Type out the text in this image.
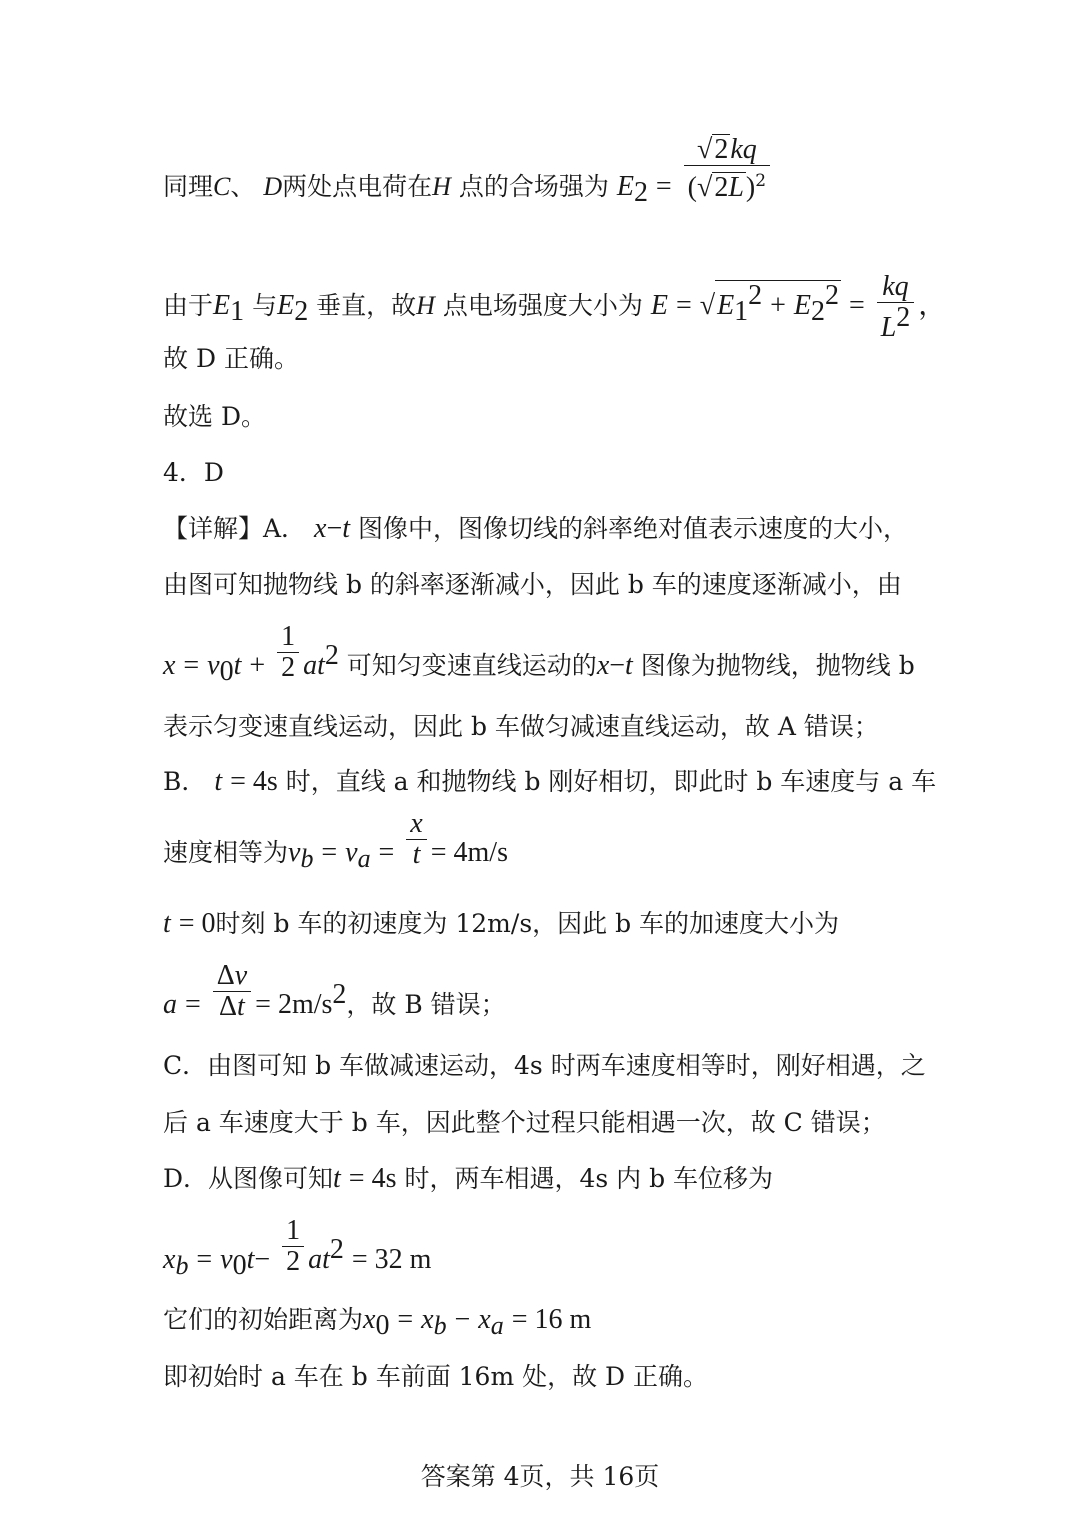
同理C、 D两处点电荷在H 点的合场强为 $E_2 = \frac{√2kq}{(√2L)^2}$
由于$E_1$ 与$E_2$ 垂直，故H 点电场强度大小为 $E = √E_1^2 + E_2^2 = \frac{kq}{L^2}$ ，
故 D 正确。
故选 D。
4．D
【详解】A． x−t 图像中，图像切线的斜率绝对值表示速度的大小，
由图可知抛物线 b 的斜率逐渐减小，因此 b 车的速度逐渐减小，由
$x = v_0t + \frac{1}{2} at^2$ 可知匀变速直线运动的x−t 图像为抛物线，抛物线 b
表示匀变速直线运动，因此 b 车做匀减速直线运动，故 A 错误；
B． t = 4s 时，直线 a 和抛物线 b 刚好相切，即此时 b 车速度与 a 车
速度相等为$v_b = v_a = \frac{x}{t} = 4m/s$
t = 0时刻 b 车的初速度为 12m/s，因此 b 车的加速度大小为
$a = \frac{\Delta v}{\Delta t} = 2m/s^2$，故 B 错误；
C．由图可知 b 车做减速运动，4s 时两车速度相等时，刚好相遇，之
后 a 车速度大于 b 车，因此整个过程只能相遇一次，故 C 错误；
D．从图像可知t = 4s 时，两车相遇，4s 内 b 车位移为
$x_b = v_0t- \frac{1}{2} at^2 = 32$ m
它们的初始距离为$x_0 = x_b - x_a = 16$ m
即初始时 a 车在 b 车前面 16m 处，故 D 正确。
答案第 4页，共 16页
